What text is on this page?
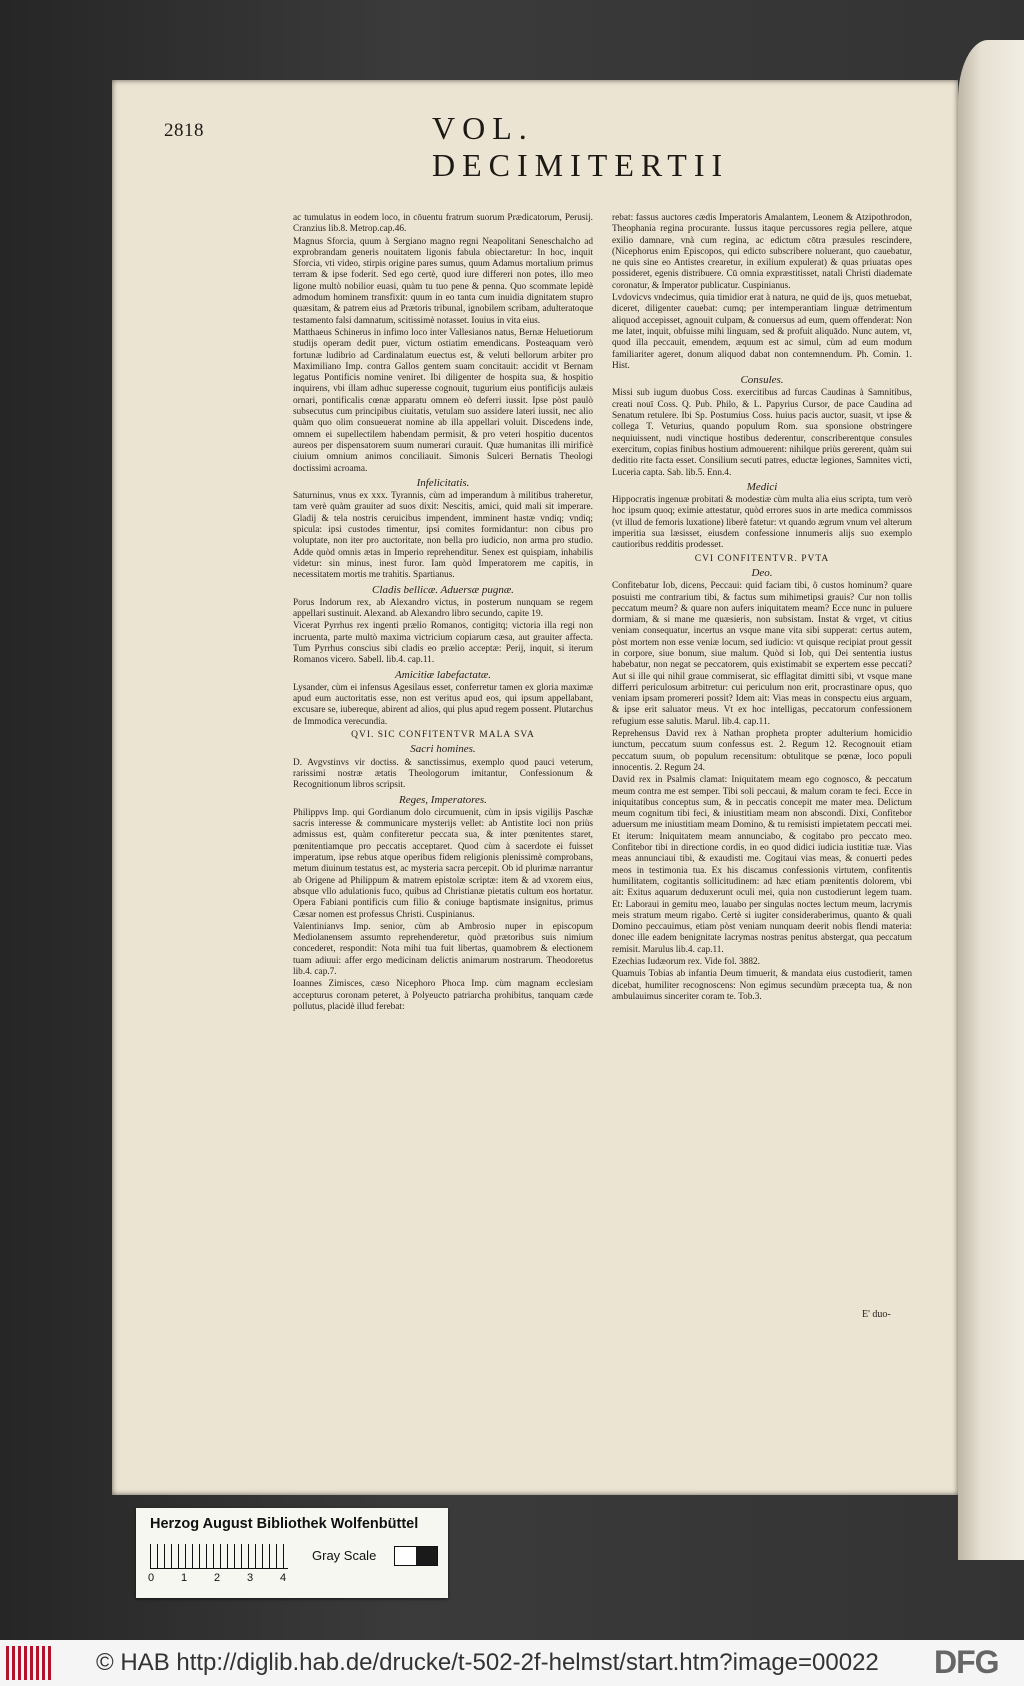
2818	VOL. DECIMITERTII

ac tumulatus in eodem loco, in cōuentu fratrum suorum Prædicatorum, Perusij. Cranzius lib.8. Metrop.cap.46.

Magnus Sforcia, quum à Sergiano magno regni Neapolitani Seneschalcho ad exprobrandam generis nouitatem ligonis fabula obiectaretur: In hoc, inquit Sforcia, vti video, stirpis origine pares sumus, quum Adamus mortalium primus terram & ipse foderit. Sed ego certè, quod iure differeri non potes, illo meo ligone multò nobilior euasi, quàm tu tuo pene & penna. Quo scommate lepidè admodum hominem transfixit: quum in eo tanta cum inuidia dignitatem stupro quæsitam, & patrem eius ad Prætoris tribunal, ignobilem scribam, adulteratoque testamento falsi damnatum, scitissimè notasset. Iouius in vita eius.

Matthaeus Schinerus in infimo loco inter Vallesianos natus, Bernæ Heluetiorum studijs operam dedit puer, victum ostiatim emendicans. Posteaquam verò fortunæ ludibrio ad Cardinalatum euectus est, & veluti bellorum arbiter pro Maximiliano Imp. contra Gallos gentem suam concitauit: accidit vt Bernam legatus Pontificis nomine veniret. Ibi diligenter de hospita sua, & hospitio inquirens, vbi illam adhuc superesse cognouit, tugurium eius pontificijs aulæis ornari, pontificalis cœnæ apparatu omnem eò deferri iussit. Ipse pòst paulò subsecutus cum principibus ciuitatis, vetulam suo assidere lateri iussit, nec alio quàm quo olim consueuerat nomine ab illa appellari voluit. Discedens inde, omnem ei supellectilem habendam permisit, & pro veteri hospitio ducentos aureos per dispensatorem suum numerari curauit. Quæ humanitas illi mirificè ciuium omnium animos conciliauit. Simonis Sulceri Bernatis Theologi doctissimi acroama.

Infelicitatis.

Saturninus, vnus ex xxx. Tyrannis, cùm ad imperandum à militibus traheretur, tam verè quàm grauiter ad suos dixit: Nescitis, amici, quid mali sit imperare. Gladij & tela nostris ceruicibus impendent, imminent hastæ vndiq; vndiq; spicula: ipsi custodes timentur, ipsi comites formidantur: non cibus pro voluptate, non iter pro auctoritate, non bella pro iudicio, non arma pro studio. Adde quòd omnis ætas in Imperio reprehenditur. Senex est quispiam, inhabilis videtur: sin minus, inest furor. Iam quòd Imperatorem me capitis, in necessitatem mortis me trahitis. Spartianus.

Cladis bellicæ. Aduersæ pugnæ.

Porus Indorum rex, ab Alexandro victus, in posterum nunquam se regem appellari sustinuit. Alexand. ab Alexandro libro secundo, capite 19.

Vicerat Pyrrhus rex ingenti prælio Romanos, contigitq; victoria illa regi non incruenta, parte multò maxima victricium copiarum cæsa, aut grauiter affecta. Tum Pyrrhus conscius sibi cladis eo prælio acceptæ: Perij, inquit, si iterum Romanos vicero. Sabell. lib.4. cap.11.

Amicitiæ labefactatæ.

Lysander, cùm ei infensus Agesilaus esset, conferretur tamen ex gloria maximæ apud eum auctoritatis esse, non est veritus apud eos, qui ipsum appellabant, excusare se, iubereque, abirent ad alios, qui plus apud regem possent. Plutarchus de Immodica verecundia.

QVI. SIC CONFITENTVR MALA SVA
Sacri homines.

D. Avgvstinvs vir doctiss. & sanctissimus, exemplo quod pauci veterum, rarissimi nostræ ætatis Theologorum imitantur, Confessionum & Recognitionum libros scripsit.

Reges, Imperatores.

Philippvs Imp. qui Gordianum dolo circumuenit, cùm in ipsis vigilijs Paschæ sacris interesse & communicare mysterijs vellet: ab Antistite loci non priùs admissus est, quàm confiteretur peccata sua, & inter pœnitentes staret, pœnitentiamque pro peccatis acceptaret. Quod cùm à sacerdote ei fuisset imperatum, ipse rebus atque operibus fidem religionis plenissimè comprobans, metum diuinum testatus est, ac mysteria sacra percepit. Ob id plurimæ narrantur ab Origene ad Philippum & matrem epistolæ scriptæ: item & ad vxorem eius, absque vllo adulationis fuco, quibus ad Christianæ pietatis cultum eos hortatur. Opera Fabiani pontificis cum filio & coniuge baptismate insignitus, primus Cæsar nomen est professus Christi. Cuspinianus.

Valentinianvs Imp. senior, cùm ab Ambrosio nuper in episcopum Mediolanensem assumto reprehenderetur, quòd prætoribus suis nimium concederet, respondit: Nota mihi tua fuit libertas, quamobrem & electionem tuam adiuui: affer ergo medicinam delictis animarum nostrarum. Theodoretus lib.4. cap.7.

Ioannes Zimisces, cæso Nicephoro Phoca Imp. cùm magnam ecclesiam accepturus coronam peteret, à Polyeucto patriarcha prohibitus, tanquam cæde pollutus, placidè illud ferebat:

rebat: fassus auctores cædis Imperatoris Amalantem, Leonem & Atzipothrodon, Theophania regina procurante. Iussus itaque percussores regia pellere, atque exilio damnare, vnà cum regina, ac edictum cōtra præsules rescindere, (Nicephorus enim Episcopos, qui edicto subscribere noluerant, quo cauebatur, ne quis sine eo Antistes crearetur, in exilium expulerat) & quas priuatas opes possideret, egenis distribuere. Cū omnia expræstitisset, natali Christi diademate coronatur, & Imperator publicatur. Cuspinianus.

Lvdovicvs vndecimus, quia timidior erat à natura, ne quid de ijs, quos metuebat, diceret, diligenter cauebat: cumq; per intemperantiam linguæ detrimentum aliquod accepisset, agnouit culpam, & conuersus ad eum, quem offenderat: Non me latet, inquit, obfuisse mihi linguam, sed & profuit aliquādo. Nunc autem, vt, quod illa peccauit, emendem, æquum est ac simul, cùm ad eum modum familiariter ageret, donum aliquod dabat non contemnendum. Ph. Comin. 1. Hist.

Consules.

Missi sub iugum duobus Coss. exercitibus ad furcas Caudinas à Samnitibus, creati nouī Coss. Q. Pub. Philo, & L. Papyrius Cursor, de pace Caudina ad Senatum retulere. Ibi Sp. Postumius Coss. huius pacis auctor, suasit, vt ipse & collega T. Veturius, quando populum Rom. sua sponsione obstringere nequiuissent, nudi vinctique hostibus dederentur, conscriberentque consules exercitum, copias finibus hostium admouerent: nihilque priùs gererent, quàm sui deditio rite facta esset. Consilium secuti patres, eductæ legiones, Samnites victi, Luceria capta. Sab. lib.5. Enn.4.

Medici

Hippocratis ingenuæ probitati & modestiæ cùm multa alia eius scripta, tum verò hoc ipsum quoq; eximie attestatur, quòd errores suos in arte medica commissos (vt illud de femoris luxatione) liberè fatetur: vt quando ægrum vnum vel alterum imperitia sua læsisset, eiusdem confessione innumeris alijs suo exemplo cautioribus redditis prodesset.

CVI CONFITENTVR. PVTA
Deo.

Confitebatur Iob, dicens, Peccaui: quid faciam tibi, ô custos hominum? quare posuisti me contrarium tibi, & factus sum mihimetipsi grauis? Cur non tollis peccatum meum? & quare non aufers iniquitatem meam? Ecce nunc in puluere dormiam, & si mane me quæsieris, non subsistam. Instat & vrget, vt citius veniam consequatur, incertus an vsque mane vita sibi supperat: certus autem, pòst mortem non esse veniæ locum, sed iudicio: vt quisque recipiat prout gessit in corpore, siue bonum, siue malum. Quòd si Iob, qui Dei sententia iustus habebatur, non negat se peccatorem, quis existimabit se expertem esse peccati? Aut si ille qui nihil graue commiserat, sic efflagitat dimitti sibi, vt vsque mane differri periculosum arbitretur: cui periculum non erit, procrastinare opus, quo veniam ipsam promereri possit? Idem ait: Vias meas in conspectu eius arguam, & ipse erit saluator meus. Vt ex hoc intelligas, peccatorum confessionem refugium esse salutis. Marul. lib.4. cap.11.

Reprehensus David rex à Nathan propheta propter adulterium homicidio iunctum, peccatum suum confessus est. 2. Regum 12. Recognouit etiam peccatum suum, ob populum recensitum: obtulitque se pœnæ, loco populi innocentis. 2. Regum 24.

David rex in Psalmis clamat: Iniquitatem meam ego cognosco, & peccatum meum contra me est semper. Tibi soli peccaui, & malum coram te feci. Ecce in iniquitatibus conceptus sum, & in peccatis concepit me mater mea. Delictum meum cognitum tibi feci, & iniustitiam meam non abscondi. Dixi, Confitebor aduersum me iniustitiam meam Domino, & tu remisisti impietatem peccati mei. Et iterum: Iniquitatem meam annunciabo, & cogitabo pro peccato meo. Confitebor tibi in directione cordis, in eo quod didici iudicia iustitiæ tuæ. Vias meas annunciaui tibi, & exaudisti me. Cogitaui vias meas, & conuerti pedes meos in testimonia tua. Ex his discamus confessionis virtutem, confitentis humilitatem, cogitantis sollicitudinem: ad hæc etiam pœnitentis dolorem, vbi ait: Exitus aquarum deduxerunt oculi mei, quia non custodierunt legem tuam. Et: Laboraui in gemitu meo, lauabo per singulas noctes lectum meum, lacrymis meis stratum meum rigabo. Certè si iugiter consideraberimus, quanto & quali Domino peccauimus, etiam pòst veniam nunquam deerit nobis flendi materia: donec ille eadem benignitate lacrymas nostras penitus abstergat, qua peccatum remisit. Marulus lib.4. cap.11.

Ezechias Iudæorum rex. Vide fol. 3882.

Quamuis Tobias ab infantia Deum timuerit, & mandata eius custodierit, tamen dicebat, humiliter recognoscens: Non egimus secundùm præcepta tua, & non ambulauimus sinceriter coram te. Tob.3.

E' duo-
Herzog August Bibliothek Wolfenbüttel
0 1 2 3 4
Gray Scale
© HAB http://diglib.hab.de/drucke/t-502-2f-helmst/start.htm?image=00022 DFG
